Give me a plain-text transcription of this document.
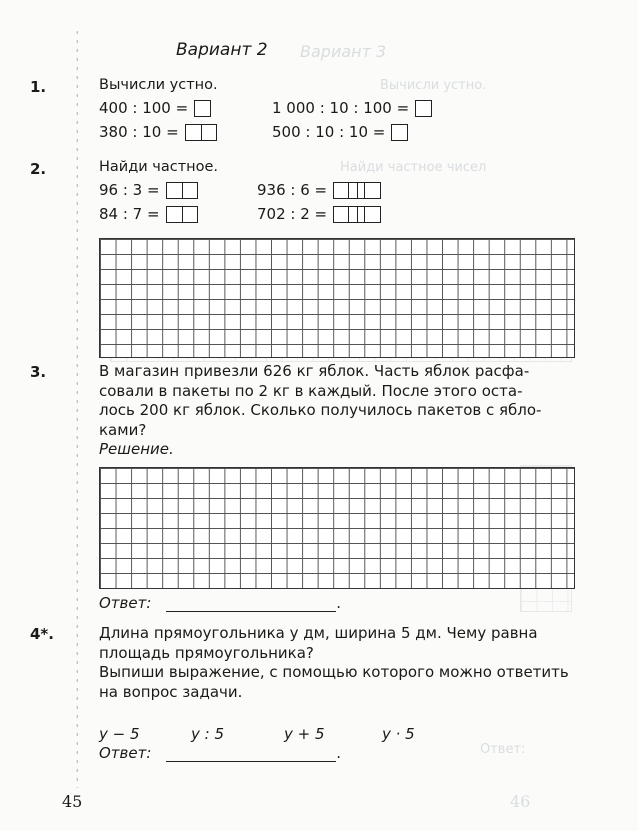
Вариант 3
Вычисли устно.
Найди частное чисел
Ответ:
46
Вариант 2
1.	Вычисли устно.
400 : 100 =	1 000 : 10 : 100 =
380 : 10 =	500 : 10 : 10 =
2.	Найди частное.
96 : 3 =	936 : 6 =
84 : 7 =	702 : 2 =
3.	В магазин привезли 626 кг яблок. Часть яблок расфа-
совали в пакеты по 2 кг в каждый. После этого оста-
лось 200 кг яблок. Сколько получилось пакетов с ябло-
ками?
Решение.
Ответ:	.
4*.	Длина прямоугольника y дм, ширина 5 дм. Чему равна
площадь прямоугольника?
Выпиши выражение, с помощью которого можно ответить
на вопрос задачи.
y − 5	y : 5	y + 5	y · 5
Ответ:	.
45
